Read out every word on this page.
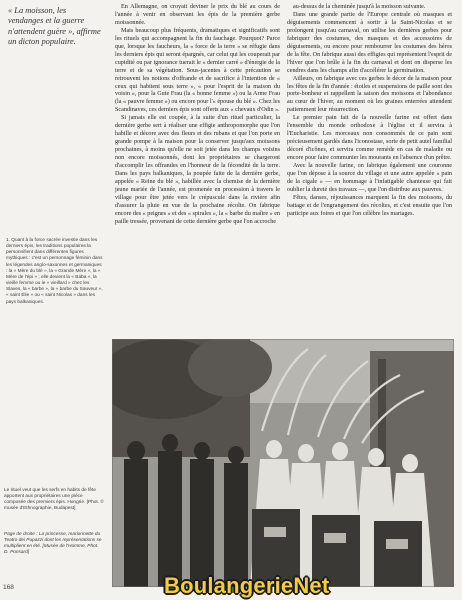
« La moisson, les vendanges et la guerre n'attendent guère », affirme un dicton populaire.

1. Quant à la force sacrée investie dans les derniers épis, les traditions populaires la personnifient dans différentes figures mythiques : c'est un personnage féminin dans les légendes anglo-saxonnes et germaniques : la « Mère du blé », la « Grande Mère », la « Mère de l'épi » ; elle devient la « Baba », la vieille femme ou le « vieillard » chez les Slaves, la « barbe », la « barbe du Sauveur », « saint Élie » ou « saint Nicolas » dans les pays balkaniques.

Le rituel veut que les serfs en habits de fête apportent aux propriétaires une pièce composée des premiers épis. Hongrie. [Phot. © musée d'Ethnographie, Budapest]

Page de droite : La princesse, marionnette du Teatro dei Pupazzi dont les représentations se multiplient en été. [Musée de l'Homme, Phot. D. Ponsard]

En Allemagne, on croyait deviner le prix du blé au cours de l'année à venir en observant les épis de la première gerbe moissonnée.

Mais beaucoup plus fréquents, dramatiques et significatifs sont les rituels qui accompagnent la fin du fauchage. Pourquoi? Parce que, lorsque les faucheurs, la « force de la terre » se réfugie dans les derniers épis qui seront épargnés, car celui qui les couperait par cupidité ou par ignorance tuerait le « dernier carré » d'énergie de la terre et de sa végétation. Sous-jacentes à cette précaution se retrouvent les notions d'offrande et de sacrifice à l'intention de « ceux qui habitent sous terre », « pour l'esprit de la maison du voisin », pour la Gute Frau (la « bonne femme ») ou la Arme Frau (la « pauvre femme ») ou encore pour l'« épouse du blé ». Chez les Scandinaves, ces derniers épis sont offerts aux « chevaux d'Odin ».

Si jamais elle est coupée, à la suite d'un rituel particulier, la dernière gerbe sert à réaliser une effigie anthropomorphe que l'on habille et décore avec des fleurs et des rubans et que l'on porte en grande pompe à la maison pour la conserver jusqu'aux moissons prochaines, à moins qu'elle ne soit jetée dans les champs voisins non encore moissonnés, dont les propriétaires se chargeront d'accomplir les offrandes en l'honneur de la fécondité de la terre. Dans les pays balkaniques, la poupée faite de la dernière gerbe, appelée « Reine du blé », habillée avec la chemise de la dernière jeune mariée de l'année, est promenée en procession à travers le village pour être jetée vers le crépuscule dans la rivière afin d'assurer la pluie en vue de la prochaine récolte. On fabrique encore des « peignes » et des « spirales », la « barbe du maître » en paille tressée, provenant de cette dernière gerbe que l'on accroche

au-dessus de la cheminée jusqu'à la moisson suivante.

Dans une grande partie de l'Europe centrale où masques et déguisements commencent à sortir à la Saint-Nicolas et se prolongent jusqu'au carnaval, on utilise les dernières gerbes pour fabriquer des costumes, des masques et des accessoires de déguisements, ou encore pour rembourrer les costumes des héros de la fête. On fabrique aussi des effigies qui représentent l'esprit de l'hiver que l'on brûle à la fin du carnaval et dont on disperse les cendres dans les champs afin d'accélérer la germination.

Ailleurs, on fabrique avec ces gerbes le décor de la maison pour les fêtes de la fin d'année : étoiles et suspensions de paille sont des porte-bonheur et rappellent la saison des moissons et l'abondance au cœur de l'hiver, au moment où les graines enterrées attendent patiemment leur résurrection.

Le premier pain fait de la nouvelle farine est offert dans l'ensemble du monde orthodoxe à l'église et il servira à l'Eucharistie. Les morceaux non consommés de ce pain sont précieusement gardés dans l'iconostase, sorte de petit autel familial décoré d'icônes, et servira comme remède en cas de maladie ou encore pour faire communier les mourants en l'absence d'un prêtre.

Avec la nouvelle farine, on fabrique également une couronne que l'on dépose à la source du village et une autre appelée « pain de la cigale » — en hommage à l'infatigable chanteuse qui fait oublier la dureté des travaux —, que l'on distribue aux pauvres.

Fêtes, danses, réjouissances marquent la fin des moissons, du battage et de l'engrangement des récoltes, et c'est ensuite que l'on participe aux foires et que l'on célèbre les mariages.

168	BoulangerieNet
